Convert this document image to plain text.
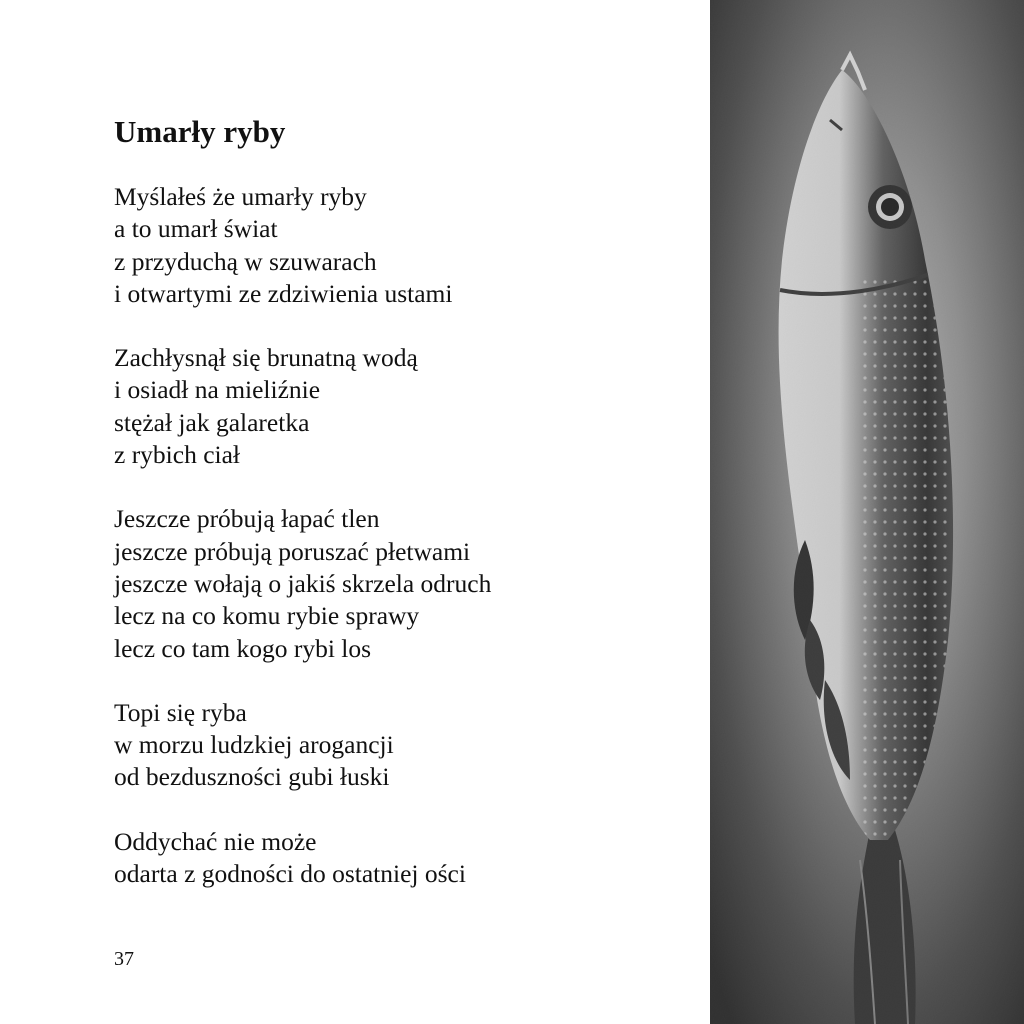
Umarły ryby
Myślałeś że umarły ryby
a to umarł świat
z przyduchą w szuwarach
i otwartymi ze zdziwienia ustami
Zachłysnął się brunatną wodą
i osiadł na mieliźnie
stężał jak galaretka
z rybich ciał
Jeszcze próbują łapać tlen
jeszcze próbują poruszać płetwami
jeszcze wołają o jakiś skrzela odruch
lecz na co komu rybie sprawy
lecz co tam kogo rybi los
Topi się ryba
w morzu ludzkiej arogancji
od bezduszności gubi łuski
Oddychać nie może
odarta z godności do ostatniej ości
37
